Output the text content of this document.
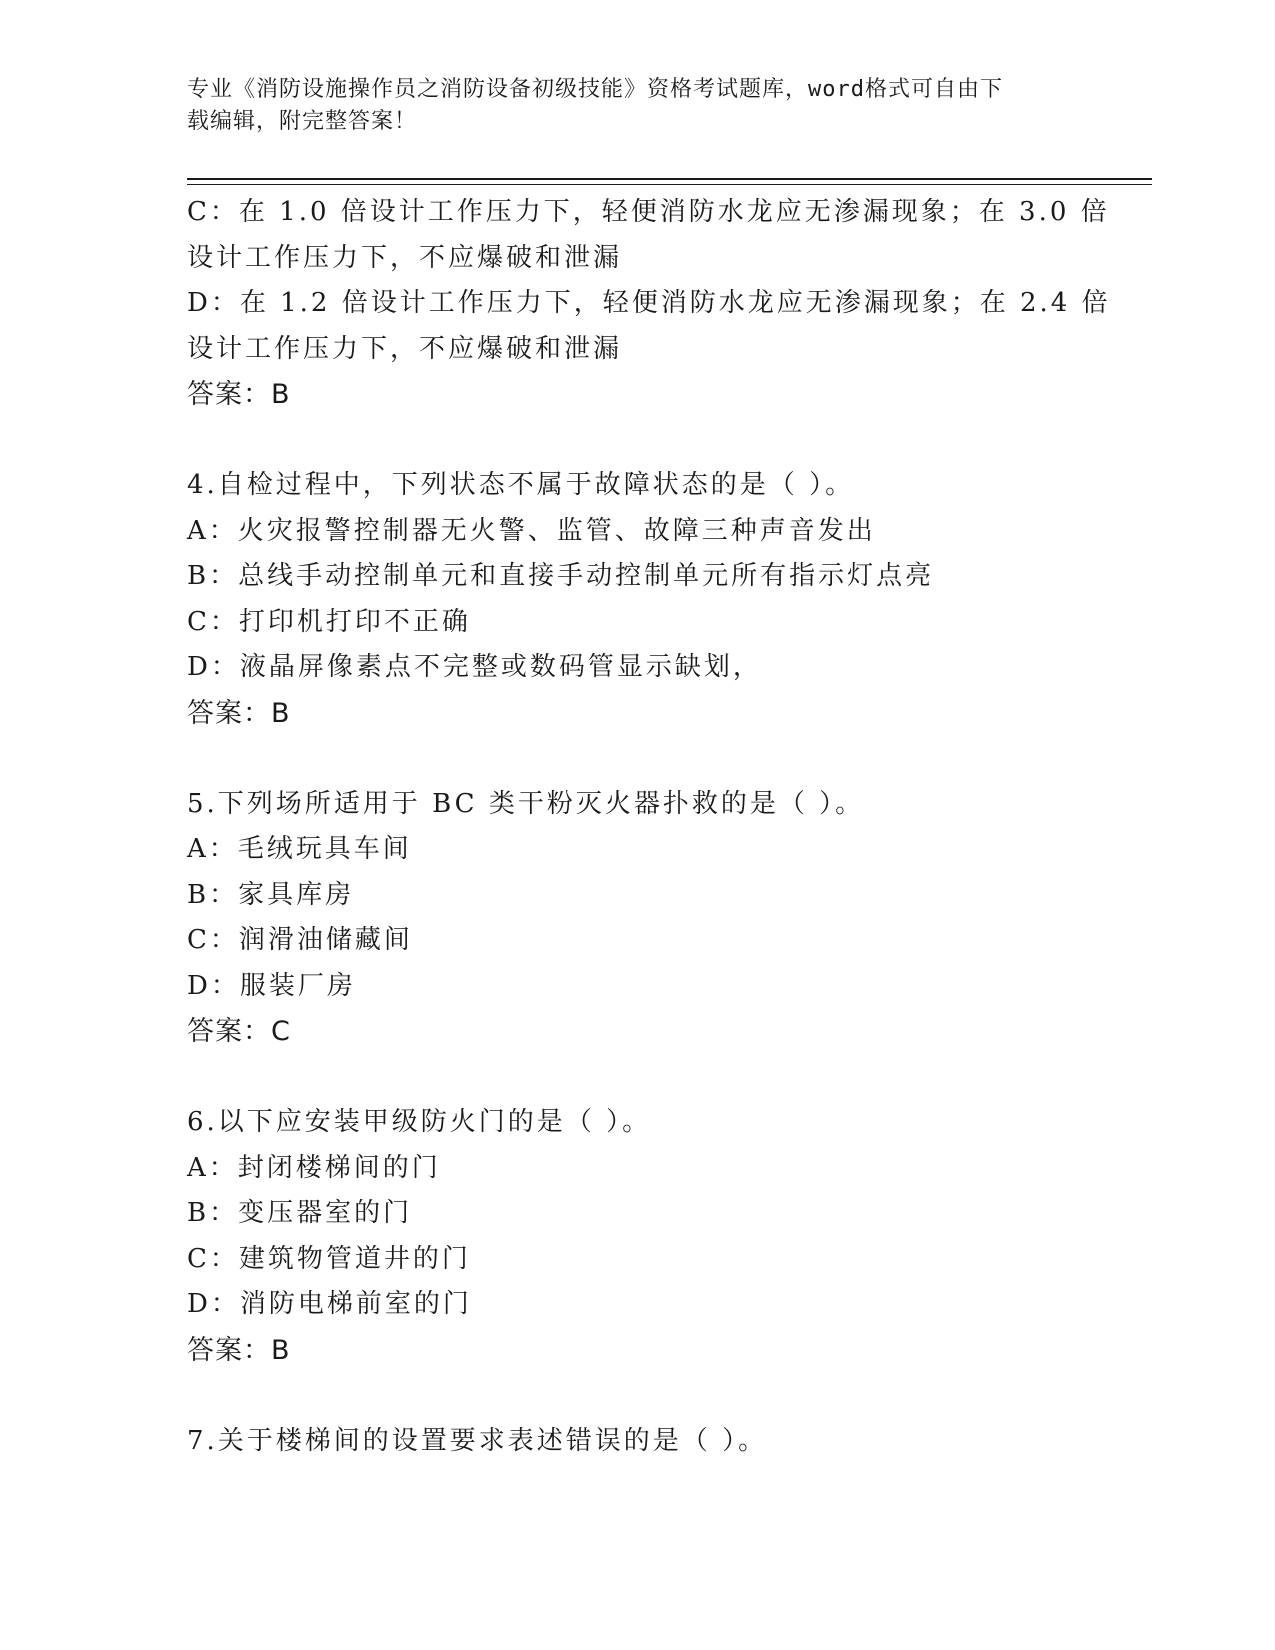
专业《消防设施操作员之消防设备初级技能》资格考试题库，word格式可自由下
载编辑，附完整答案！
C：在 1.0 倍设计工作压力下，轻便消防水龙应无渗漏现象；在 3.0 倍
设计工作压力下，不应爆破和泄漏
D：在 1.2 倍设计工作压力下，轻便消防水龙应无渗漏现象；在 2.4 倍
设计工作压力下，不应爆破和泄漏
答案：B
4.自检过程中，下列状态不属于故障状态的是（ ）。
A：火灾报警控制器无火警、监管、故障三种声音发出
B：总线手动控制单元和直接手动控制单元所有指示灯点亮
C：打印机打印不正确
D：液晶屏像素点不完整或数码管显示缺划，
答案：B
5.下列场所适用于 BC 类干粉灭火器扑救的是（ ）。
A：毛绒玩具车间
B：家具库房
C：润滑油储藏间
D：服装厂房
答案：C
6.以下应安装甲级防火门的是（ ）。
A：封闭楼梯间的门
B：变压器室的门
C：建筑物管道井的门
D：消防电梯前室的门
答案：B
7.关于楼梯间的设置要求表述错误的是（ ）。
